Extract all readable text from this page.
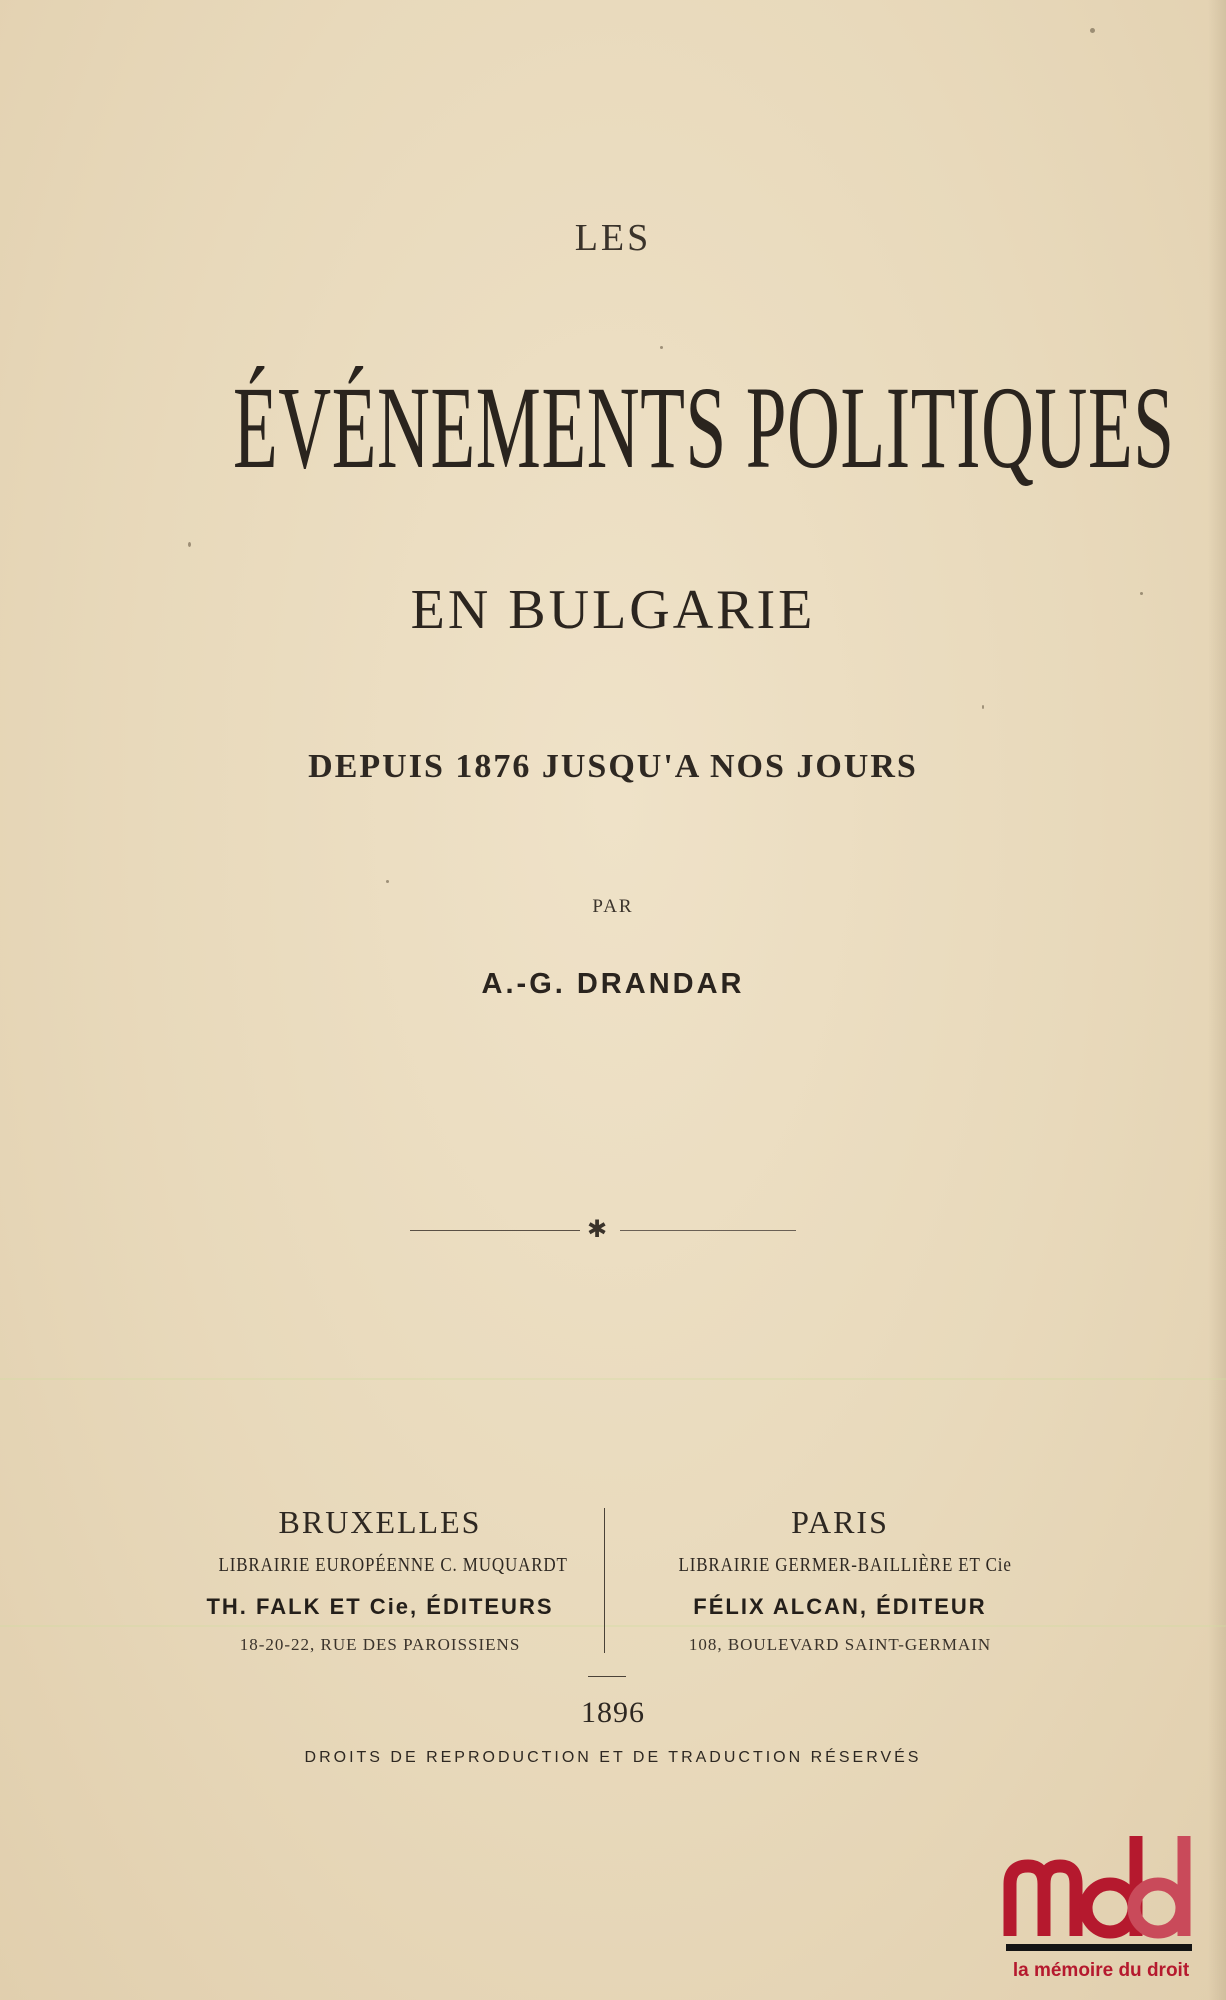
LES
ÉVÉNEMENTS POLITIQUES
EN BULGARIE
DEPUIS 1876 JUSQU'A NOS JOURS
PAR
A.-G. DRANDAR
✱
BRUXELLES
LIBRAIRIE EUROPÉENNE C. MUQUARDT
TH. FALK ET Cie, ÉDITEURS
18-20-22, RUE DES PAROISSIENS
PARIS
LIBRAIRIE GERMER-BAILLIÈRE ET Cie
FÉLIX ALCAN, ÉDITEUR
108, BOULEVARD SAINT-GERMAIN
1896
DROITS DE REPRODUCTION ET DE TRADUCTION RÉSERVÉS
la mémoire du droit
